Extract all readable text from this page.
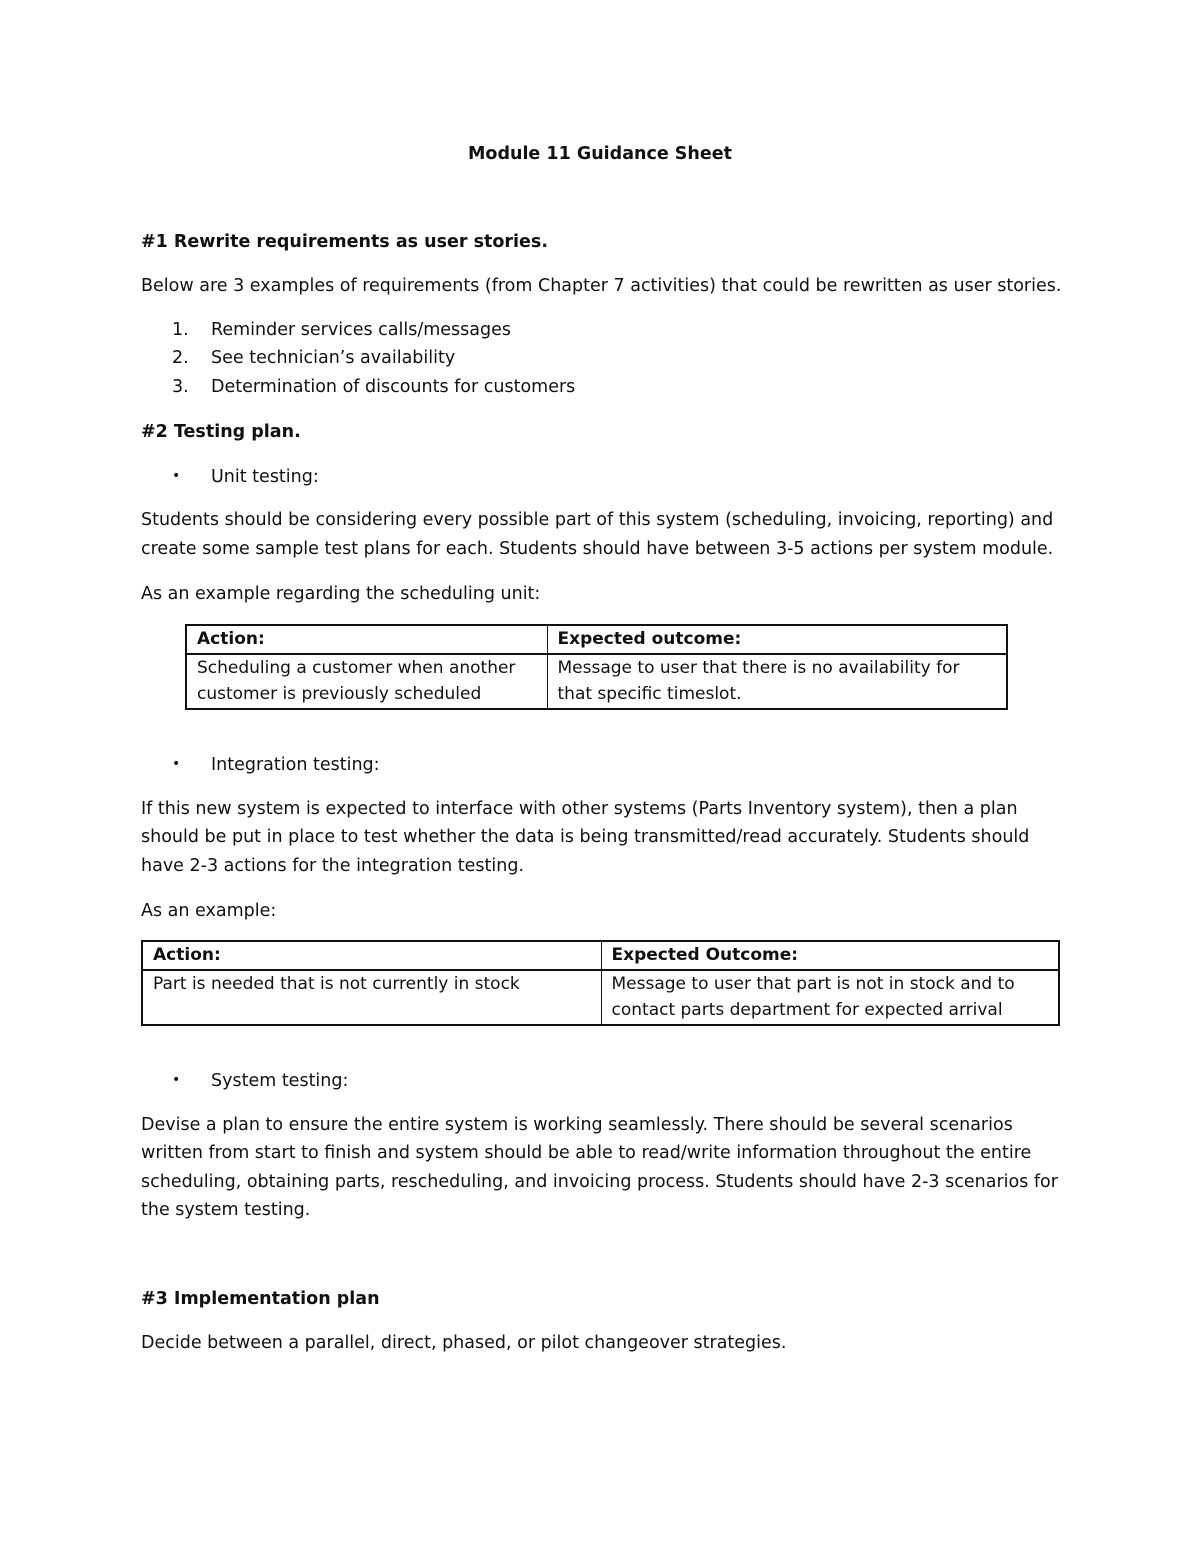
Module 11 Guidance Sheet
#1 Rewrite requirements as user stories.
Below are 3 examples of requirements (from Chapter 7 activities) that could be rewritten as user stories.
1. Reminder services calls/messages
2. See technician’s availability
3. Determination of discounts for customers
#2 Testing plan.
• Unit testing:
Students should be considering every possible part of this system (scheduling, invoicing, reporting) and
create some sample test plans for each. Students should have between 3-5 actions per system module.
As an example regarding the scheduling unit:
Action:	Expected outcome:
Scheduling a customer when another customer is previously scheduled	Message to user that there is no availability for that specific timeslot.
• Integration testing:
If this new system is expected to interface with other systems (Parts Inventory system), then a plan
should be put in place to test whether the data is being transmitted/read accurately. Students should
have 2-3 actions for the integration testing.
As an example:
Action:	Expected Outcome:
Part is needed that is not currently in stock	Message to user that part is not in stock and to contact parts department for expected arrival
• System testing:
Devise a plan to ensure the entire system is working seamlessly. There should be several scenarios
written from start to finish and system should be able to read/write information throughout the entire
scheduling, obtaining parts, rescheduling, and invoicing process. Students should have 2-3 scenarios for
the system testing.
#3 Implementation plan
Decide between a parallel, direct, phased, or pilot changeover strategies.
